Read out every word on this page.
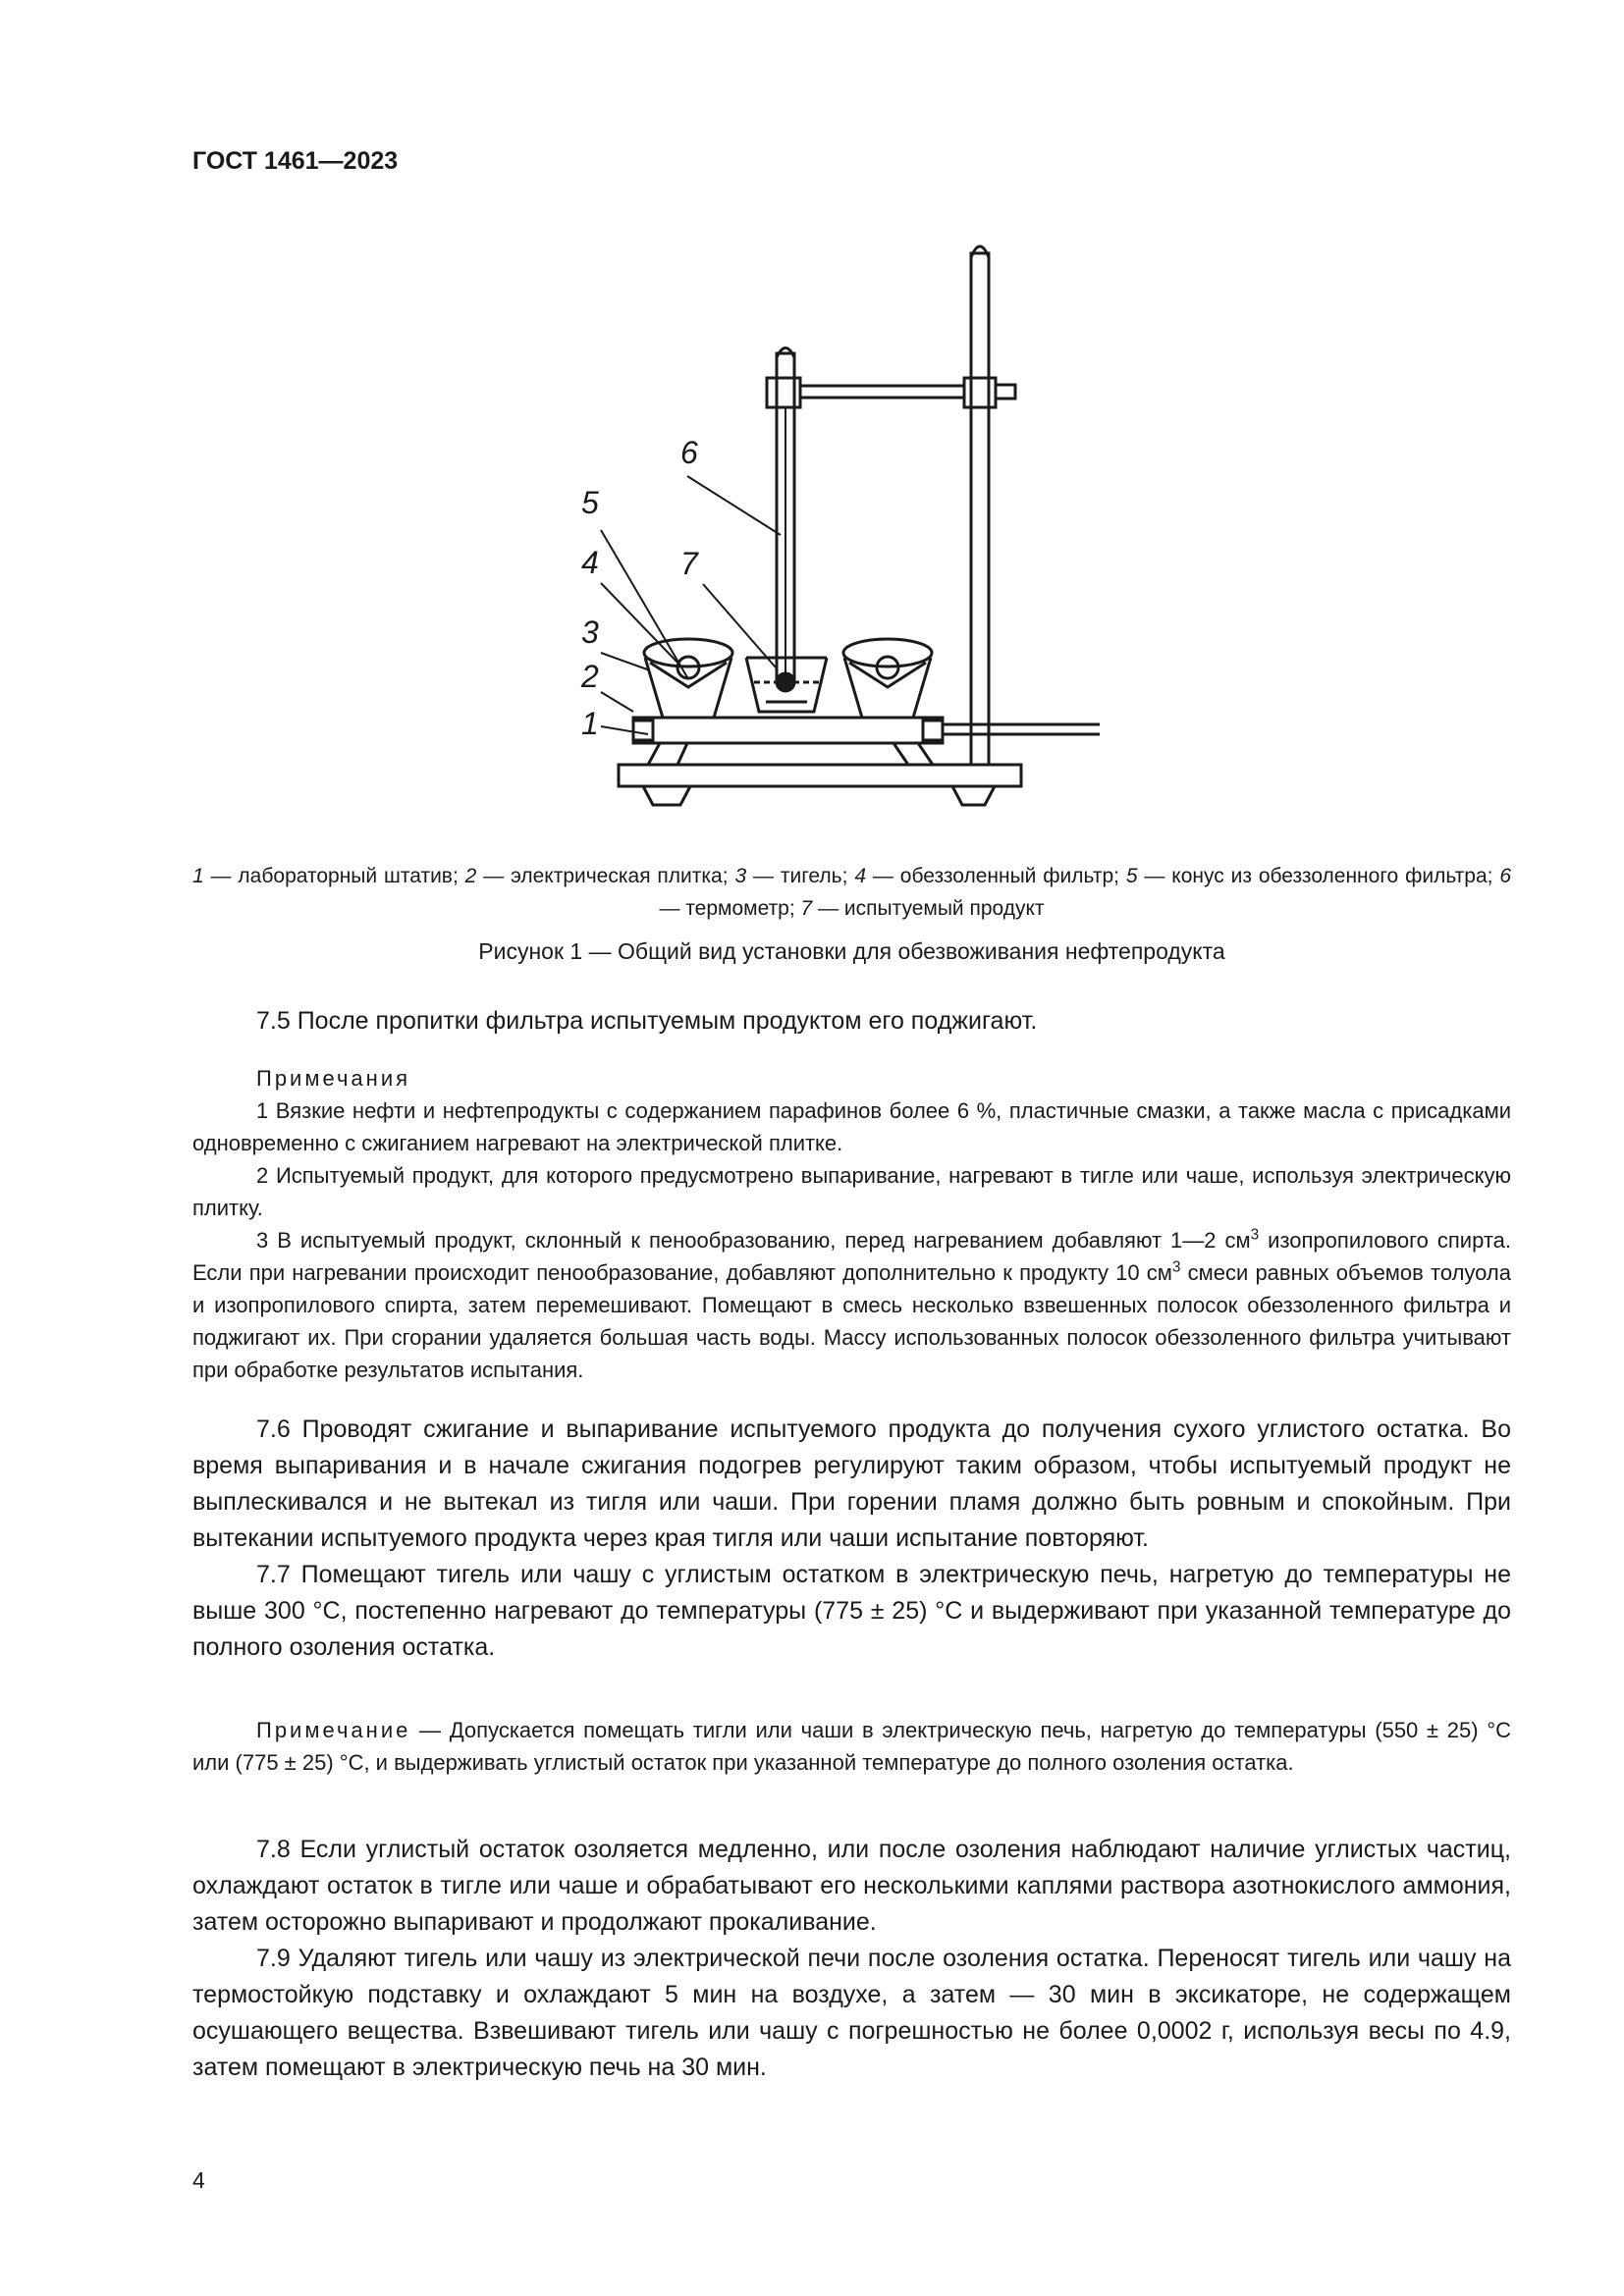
ГОСТ 1461—2023
1
2
3
4
5
6
7
1 — лабораторный штатив; 2 — электрическая плитка; 3 — тигель; 4 — обеззоленный фильтр; 5 — конус из обеззоленного фильтра; 6 — термометр; 7 — испытуемый продукт
Рисунок 1 — Общий вид установки для обезвоживания нефтепродукта

7.5 После пропитки фильтра испытуемым продуктом его поджигают.

Примечания

1 Вязкие нефти и нефтепродукты с содержанием парафинов более 6 %, пластичные смазки, а также масла с присадками одновременно с сжиганием нагревают на электрической плитке.

2 Испытуемый продукт, для которого предусмотрено выпаривание, нагревают в тигле или чаше, используя электрическую плитку.

3 В испытуемый продукт, склонный к пенообразованию, перед нагреванием добавляют 1—2 $см^3$ изопропилового спирта. Если при нагревании происходит пенообразование, добавляют дополнительно к продукту 10 $см^3$ смеси равных объемов толуола и изопропилового спирта, затем перемешивают. Помещают в смесь несколько взвешенных полосок обеззоленного фильтра и поджигают их. При сгорании удаляется большая часть воды. Массу использованных полосок обеззоленного фильтра учитывают при обработке результатов испытания.

7.6 Проводят сжигание и выпаривание испытуемого продукта до получения сухого углистого остатка. Во время выпаривания и в начале сжигания подогрев регулируют таким образом, чтобы испытуемый продукт не выплескивался и не вытекал из тигля или чаши. При горении пламя должно быть ровным и спокойным. При вытекании испытуемого продукта через края тигля или чаши испытание повторяют.

7.7 Помещают тигель или чашу с углистым остатком в электрическую печь, нагретую до температуры не выше 300 °С, постепенно нагревают до температуры (775 ± 25) °С и выдерживают при указанной температуре до полного озоления остатка.

Примечание — Допускается помещать тигли или чаши в электрическую печь, нагретую до температуры (550 ± 25) °С или (775 ± 25) °С, и выдерживать углистый остаток при указанной температуре до полного озоления остатка.

7.8 Если углистый остаток озоляется медленно, или после озоления наблюдают наличие углистых частиц, охлаждают остаток в тигле или чаше и обрабатывают его несколькими каплями раствора азотнокислого аммония, затем осторожно выпаривают и продолжают прокаливание.

7.9 Удаляют тигель или чашу из электрической печи после озоления остатка. Переносят тигель или чашу на термостойкую подставку и охлаждают 5 мин на воздухе, а затем — 30 мин в эксикаторе, не содержащем осушающего вещества. Взвешивают тигель или чашу с погрешностью не более 0,0002 г, используя весы по 4.9, затем помещают в электрическую печь на 30 мин.

4
